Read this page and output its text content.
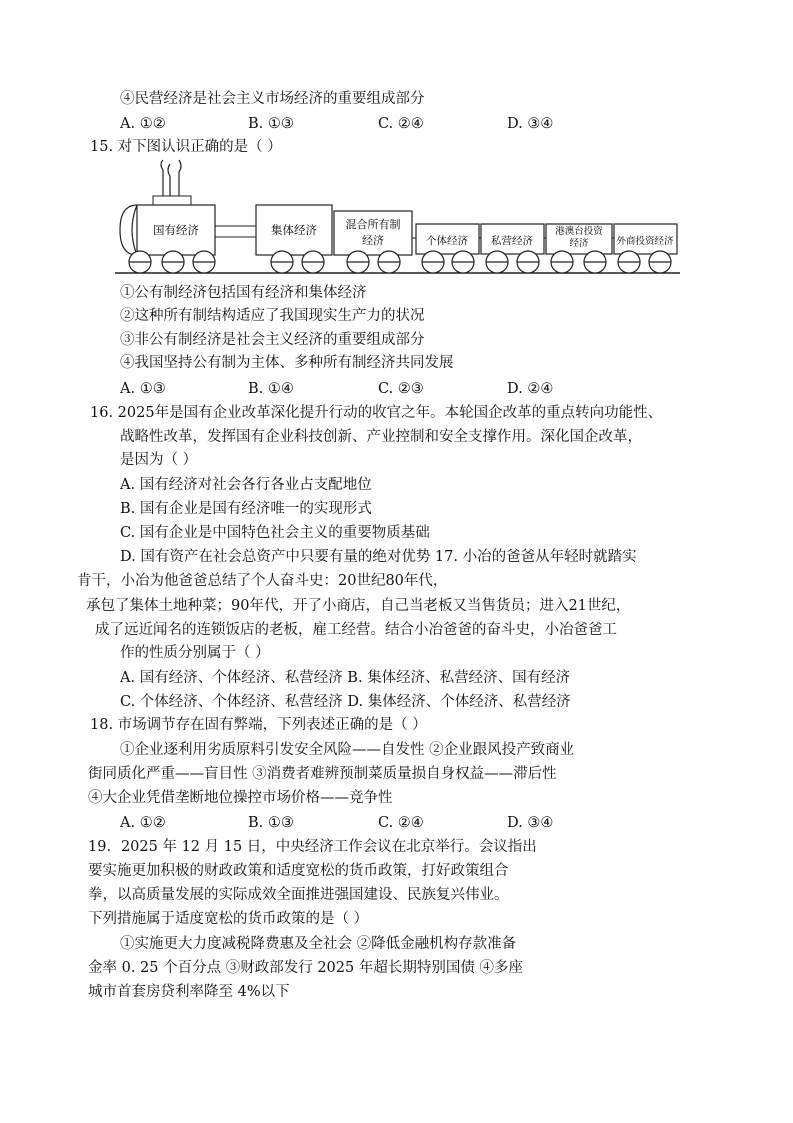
④民营经济是社会主义市场经济的重要组成部分
A. ①②	B. ①③	C. ②④	D. ③④
15. 对下图认识正确的是（ ）
国有经济	集体经济	混合所有制经济	个体经济 私营经济
港澳台投资经济	外商投资经济
①公有制经济包括国有经济和集体经济
②这种所有制结构适应了我国现实生产力的状况
③非公有制经济是社会主义经济的重要组成部分
④我国坚持公有制为主体、多种所有制经济共同发展
A. ①③	B. ①④	C. ②③	D. ②④
16. 2025年是国有企业改革深化提升行动的收官之年。本轮国企改革的重点转向功能性、
战略性改革，发挥国有企业科技创新、产业控制和安全支撑作用。深化国企改革，
是因为（ ）
A. 国有经济对社会各行各业占支配地位
B. 国有企业是国有经济唯一的实现形式
C. 国有企业是中国特色社会主义的重要物质基础
D. 国有资产在社会总资产中只要有量的绝对优势 17. 小冶的爸爸从年轻时就踏实
肯干，小冶为他爸爸总结了个人奋斗史：20世纪80年代，
承包了集体土地种菜；90年代，开了小商店，自己当老板又当售货员；进入21世纪，
成了远近闻名的连锁饭店的老板，雇工经营。结合小冶爸爸的奋斗史，小冶爸爸工
作的性质分别属于（ ）
A. 国有经济、个体经济、私营经济 B. 集体经济、私营经济、国有经济
C. 个体经济、个体经济、私营经济 D. 集体经济、个体经济、私营经济
18. 市场调节存在固有弊端，下列表述正确的是（ ）
①企业逐利用劣质原料引发安全风险——自发性 ②企业跟风投产致商业
街同质化严重——盲目性 ③消费者难辨预制菜质量损自身权益——滞后性
④大企业凭借垄断地位操控市场价格——竞争性
A. ①②	B. ①③	C. ②④	D. ③④
19．2025 年 12 月 15 日，中央经济工作会议在北京举行。会议指出
要实施更加积极的财政政策和适度宽松的货币政策，打好政策组合
拳，以高质量发展的实际成效全面推进强国建设、民族复兴伟业。
下列措施属于适度宽松的货币政策的是（ ）
①实施更大力度减税降费惠及全社会 ②降低金融机构存款准备
金率 0. 25 个百分点 ③财政部发行 2025 年超长期特别国债 ④多座
城市首套房贷利率降至 4%以下
